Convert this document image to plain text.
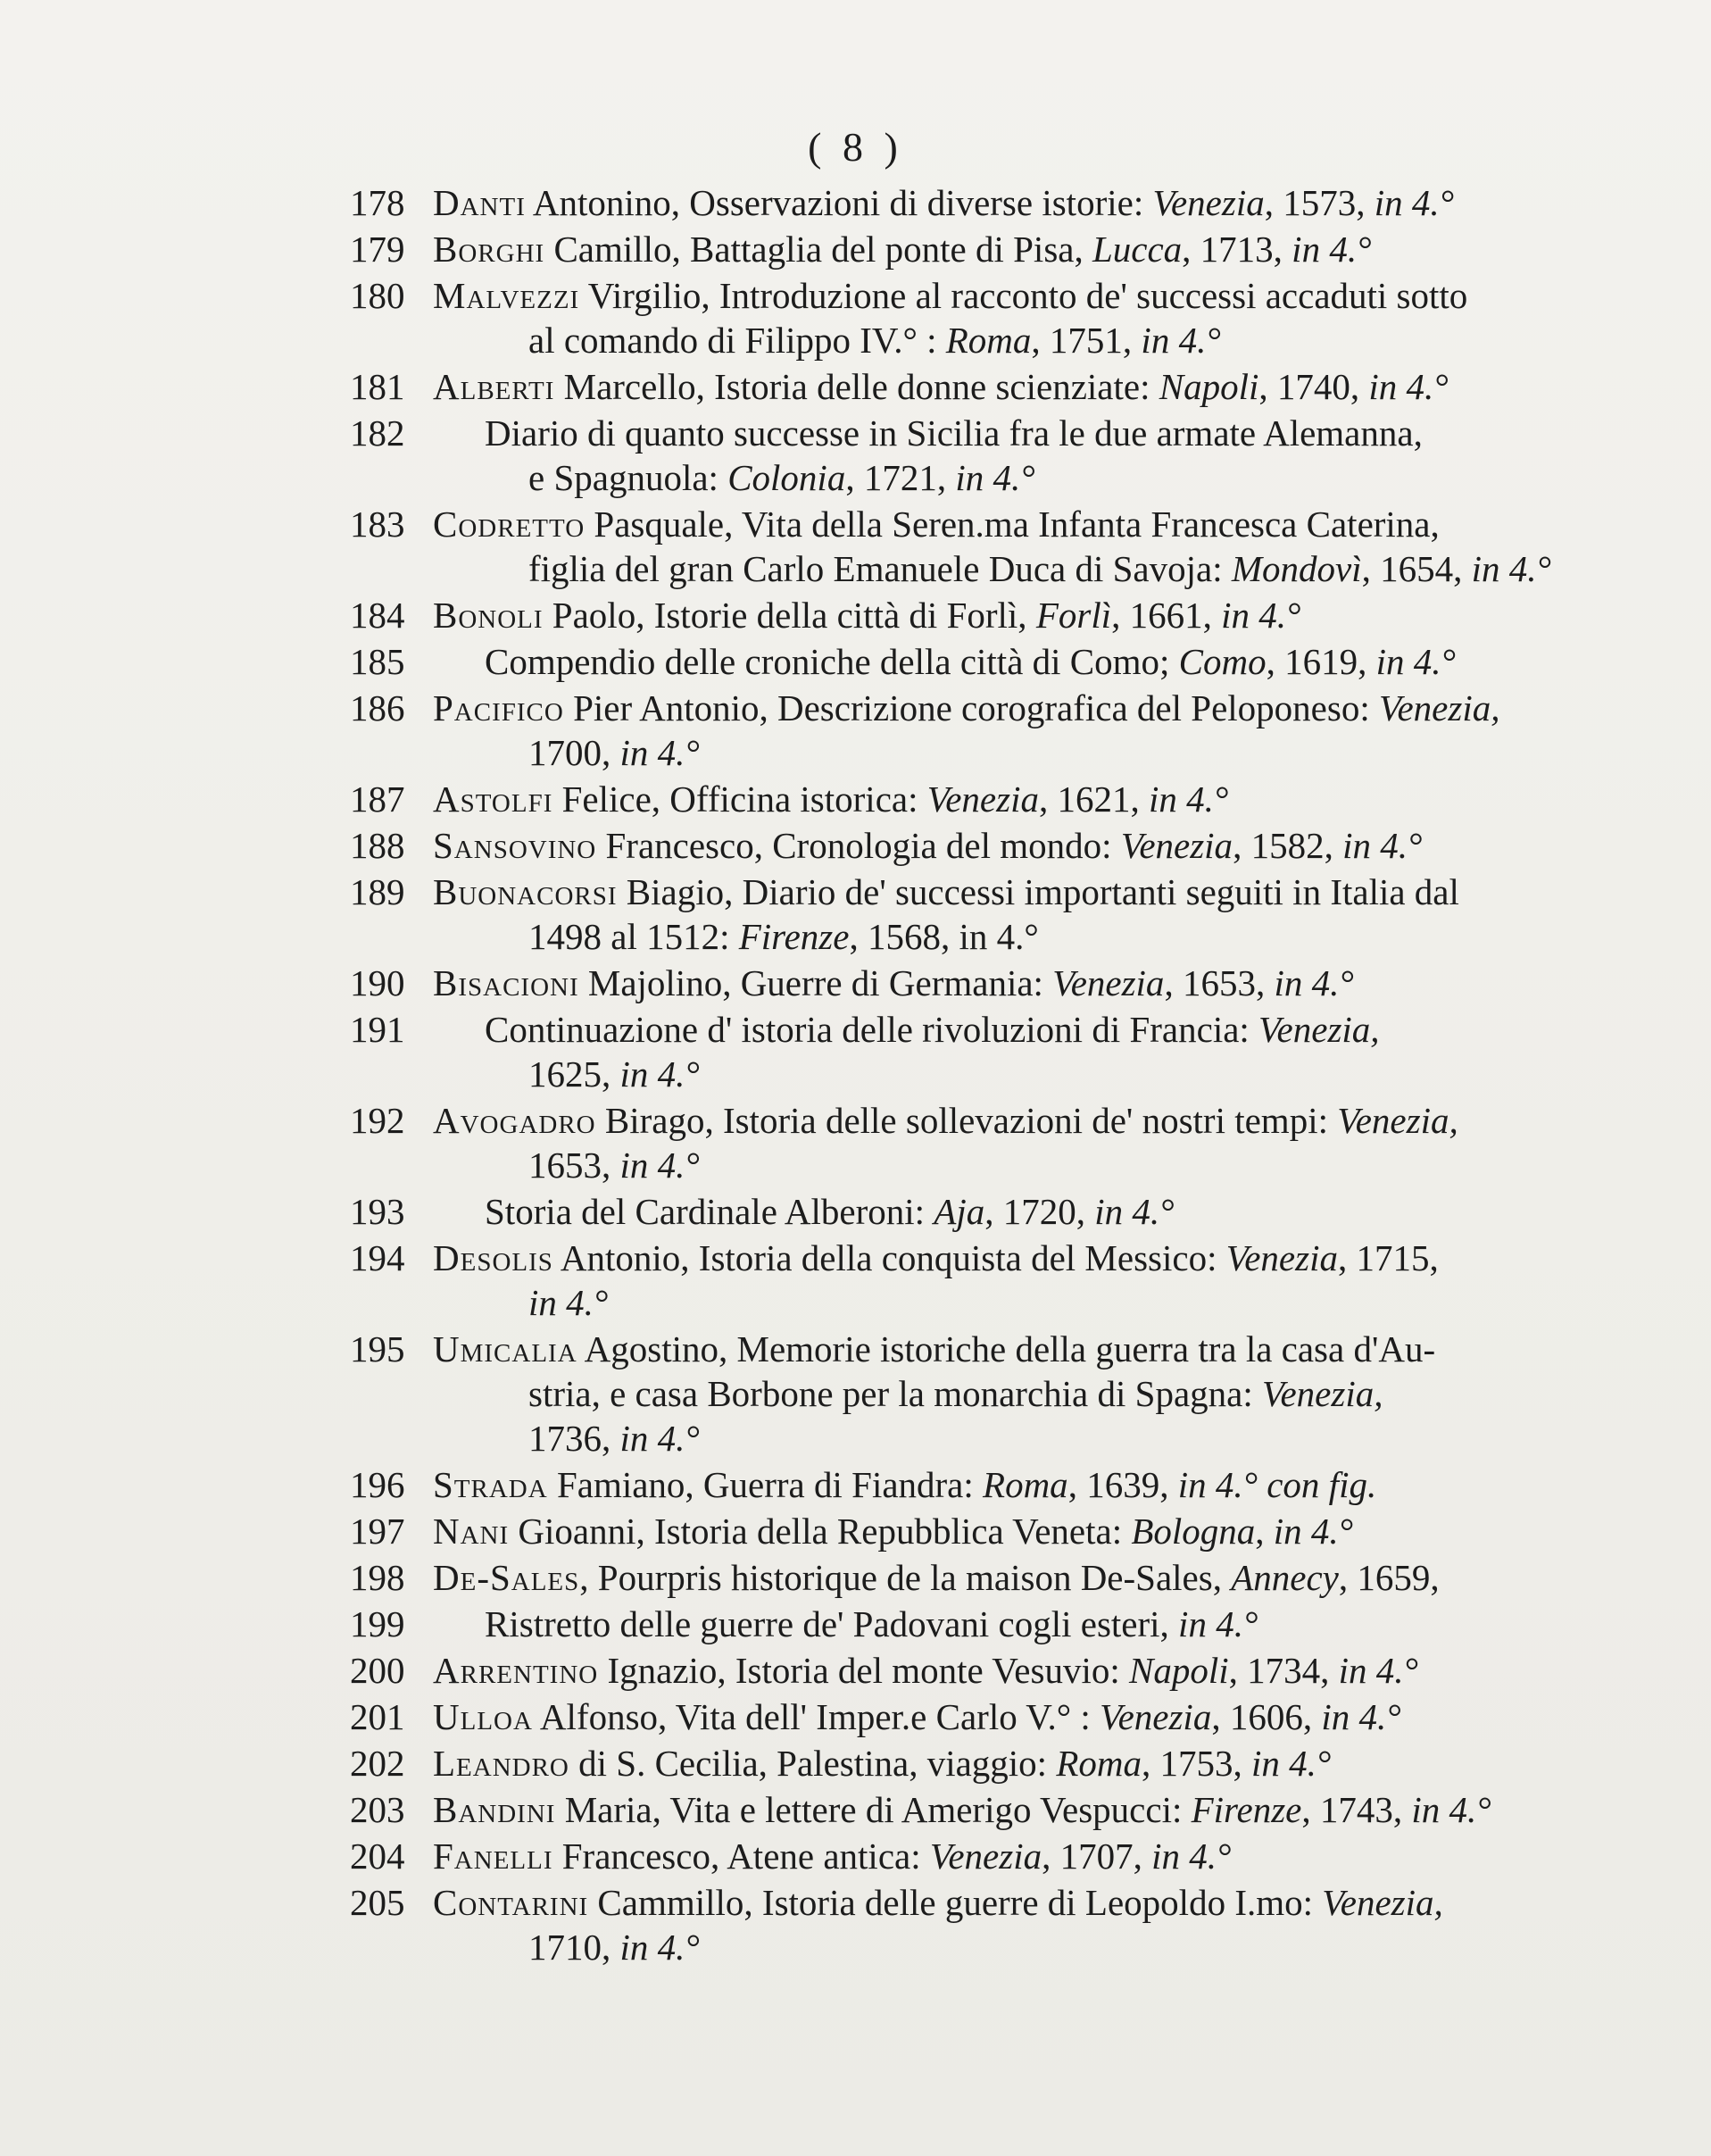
( 8 )
178 Danti Antonino, Osservazioni di diverse istorie: Venezia, 1573, in 4.°
179 Borghi Camillo, Battaglia del ponte di Pisa, Lucca, 1713, in 4.°
180 Malvezzi Virgilio, Introduzione al racconto de' successi accaduti sotto
al comando di Filippo IV.° : Roma, 1751, in 4.°
181 Alberti Marcello, Istoria delle donne scienziate: Napoli, 1740, in 4.°
182	Diario di quanto successe in Sicilia fra le due armate Alemanna,
e Spagnuola: Colonia, 1721, in 4.°
183 Codretto Pasquale, Vita della Seren.ma Infanta Francesca Caterina,
figlia del gran Carlo Emanuele Duca di Savoja: Mondovì, 1654, in 4.°
184 Bonoli Paolo, Istorie della città di Forlì, Forlì, 1661, in 4.°
185	Compendio delle croniche della città di Como; Como, 1619, in 4.°
186 Pacifico Pier Antonio, Descrizione corografica del Peloponeso: Venezia,
1700, in 4.°
187 Astolfi Felice, Officina istorica: Venezia, 1621, in 4.°
188 Sansovino Francesco, Cronologia del mondo: Venezia, 1582, in 4.°
189 Buonacorsi Biagio, Diario de' successi importanti seguiti in Italia dal
1498 al 1512: Firenze, 1568, in 4.°
190 Bisacioni Majolino, Guerre di Germania: Venezia, 1653, in 4.°
191	Continuazione d' istoria delle rivoluzioni di Francia: Venezia,
1625, in 4.°
192 Avogadro Birago, Istoria delle sollevazioni de' nostri tempi: Venezia,
1653, in 4.°
193	Storia del Cardinale Alberoni: Aja, 1720, in 4.°
194 Desolis Antonio, Istoria della conquista del Messico: Venezia, 1715,
in 4.°
195 Umicalia Agostino, Memorie istoriche della guerra tra la casa d'Au-
stria, e casa Borbone per la monarchia di Spagna: Venezia,
1736, in 4.°
196 Strada Famiano, Guerra di Fiandra: Roma, 1639, in 4.° con fig.
197 Nani Gioanni, Istoria della Repubblica Veneta: Bologna, in 4.°
198 De-Sales, Pourpris historique de la maison De-Sales, Annecy, 1659,
199	Ristretto delle guerre de' Padovani cogli esteri, in 4.°
200 Arrentino Ignazio, Istoria del monte Vesuvio: Napoli, 1734, in 4.°
201 Ulloa Alfonso, Vita dell' Imper.e Carlo V.° : Venezia, 1606, in 4.°
202 Leandro di S. Cecilia, Palestina, viaggio: Roma, 1753, in 4.°
203 Bandini Maria, Vita e lettere di Amerigo Vespucci: Firenze, 1743, in 4.°
204 Fanelli Francesco, Atene antica: Venezia, 1707, in 4.°
205 Contarini Cammillo, Istoria delle guerre di Leopoldo I.mo: Venezia,
1710, in 4.°
